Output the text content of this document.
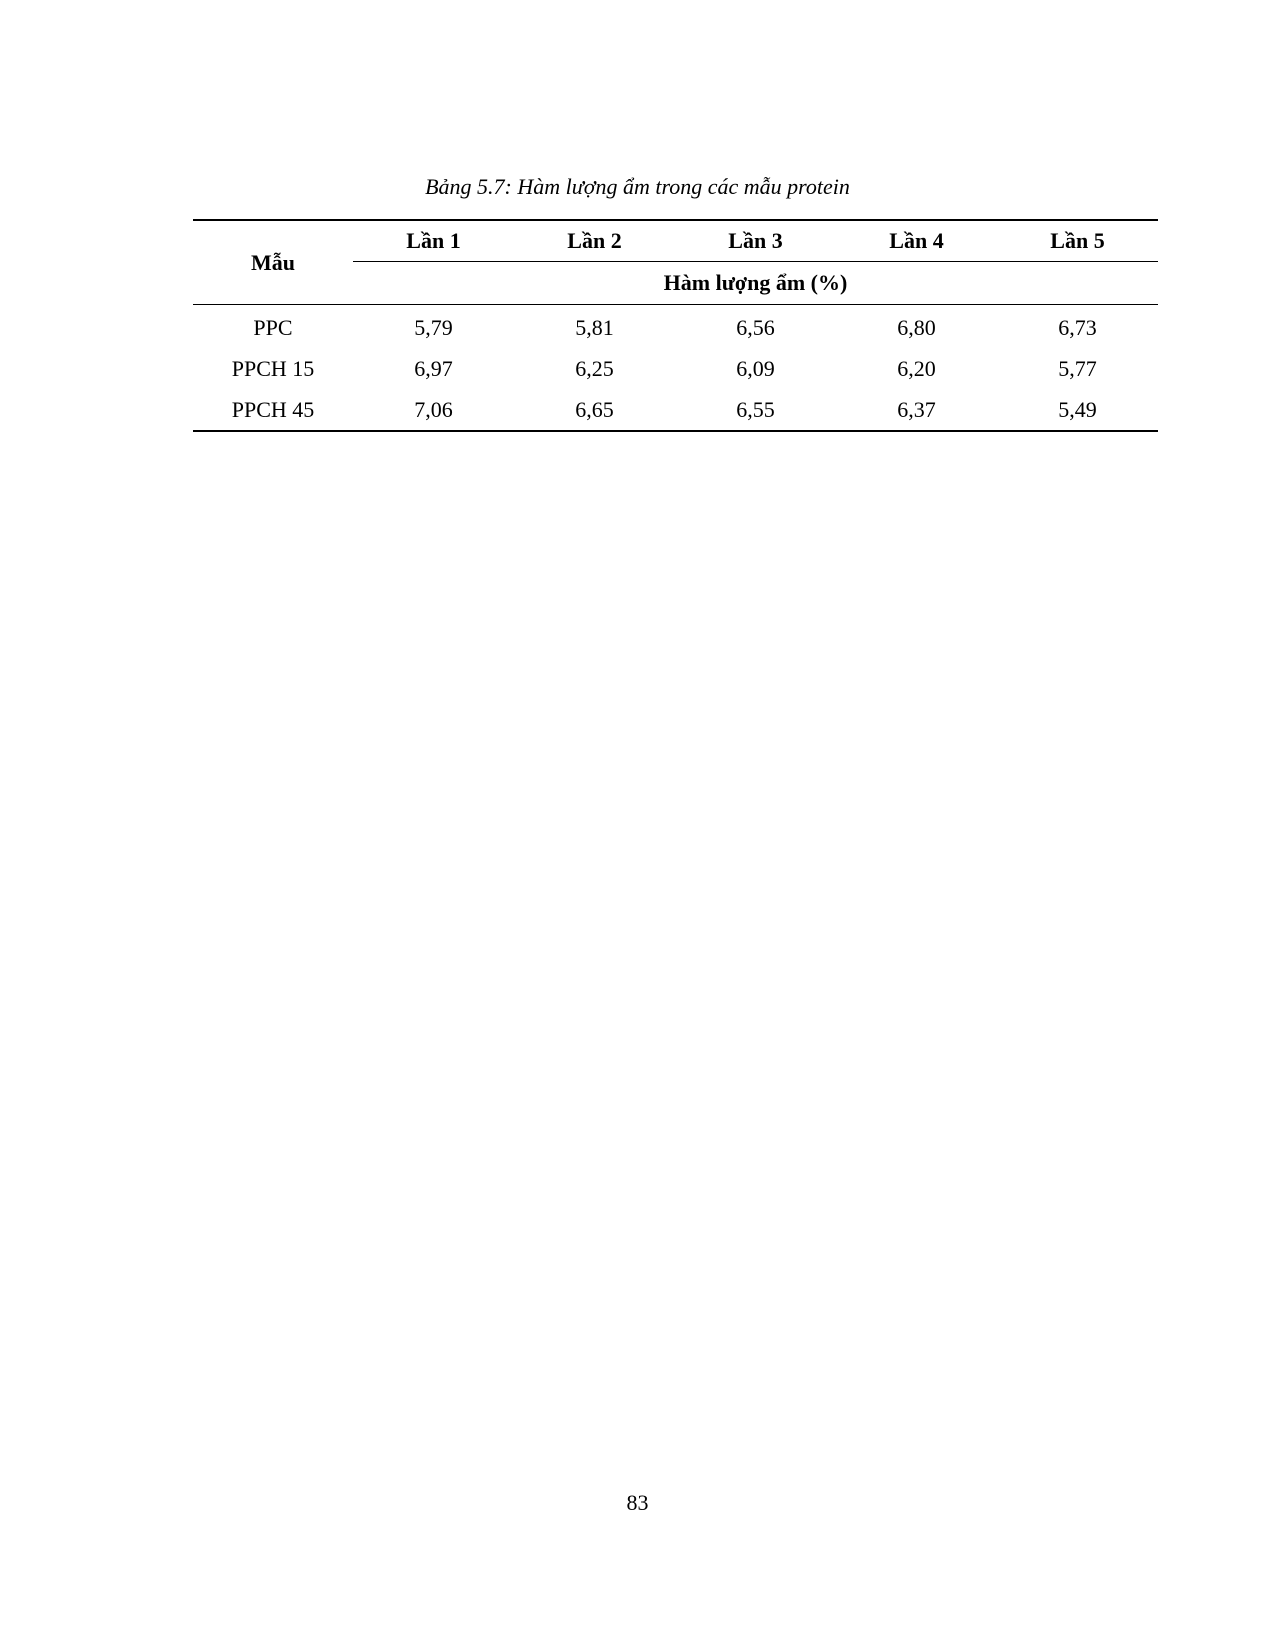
Bảng 5.7: Hàm lượng ẩm trong các mẫu protein
Mẫu	Lần 1	Lần 2	Lần 3	Lần 4	Lần 5
	Hàm lượng ẩm (%)				
PPC	5,79	5,81	6,56	6,80	6,73
PPCH 15	6,97	6,25	6,09	6,20	5,77
PPCH 45	7,06	6,65	6,55	6,37	5,49
83
